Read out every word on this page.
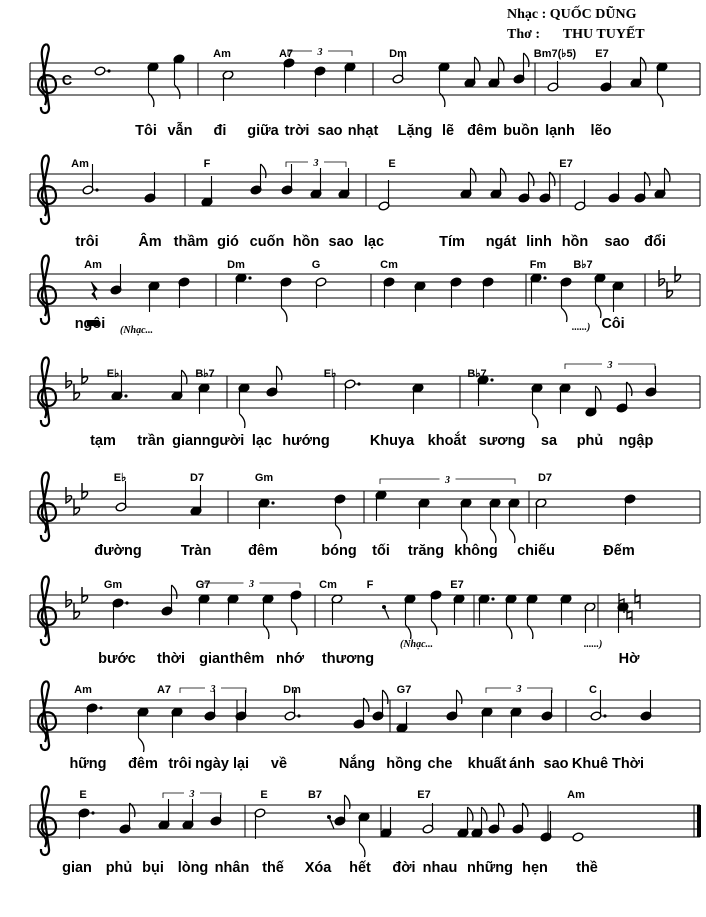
Nhạc : QUỐC DŨNG
Thơ : THU TUYẾT
C
3
Am	A7	Dm	Bm7(♭5) E7
Tôi vẫn đi giữa trời sao nhạt Lặng lẽ đêm buồn lạnh lẽo
3
Am	F	E	E7
trôi	Âm thầm gió cuốn hồn sao lạc	Tím ngát linh hồn sao đổi
Am	Dm	G	Cm	Fm B♭7
ngôi	Côi
(Nhạc...	......)
3
E♭	B♭7	E♭	B♭7
tạm trần gian người lạc hướng	Khuya khoắt sương sa phủ ngập
3
E♭	D7	Gm	D7
đường	Tràn	đêm	bóng tối trăng không chiếu	Đếm
3
Gm	G7	Cm	F	E7
bước thời gian thêm nhớ thương	Hờ
(Nhạc...	......)
3	3
Am	A7	Dm	G7	C
hững đêm trôi ngày lại về	Nắng hồng che khuất ánh sao Khuê Thời
3
E	E	B7	E7	Am
gian phủ bụi lòng nhân thế Xóa hết đời nhau những hẹn thề
